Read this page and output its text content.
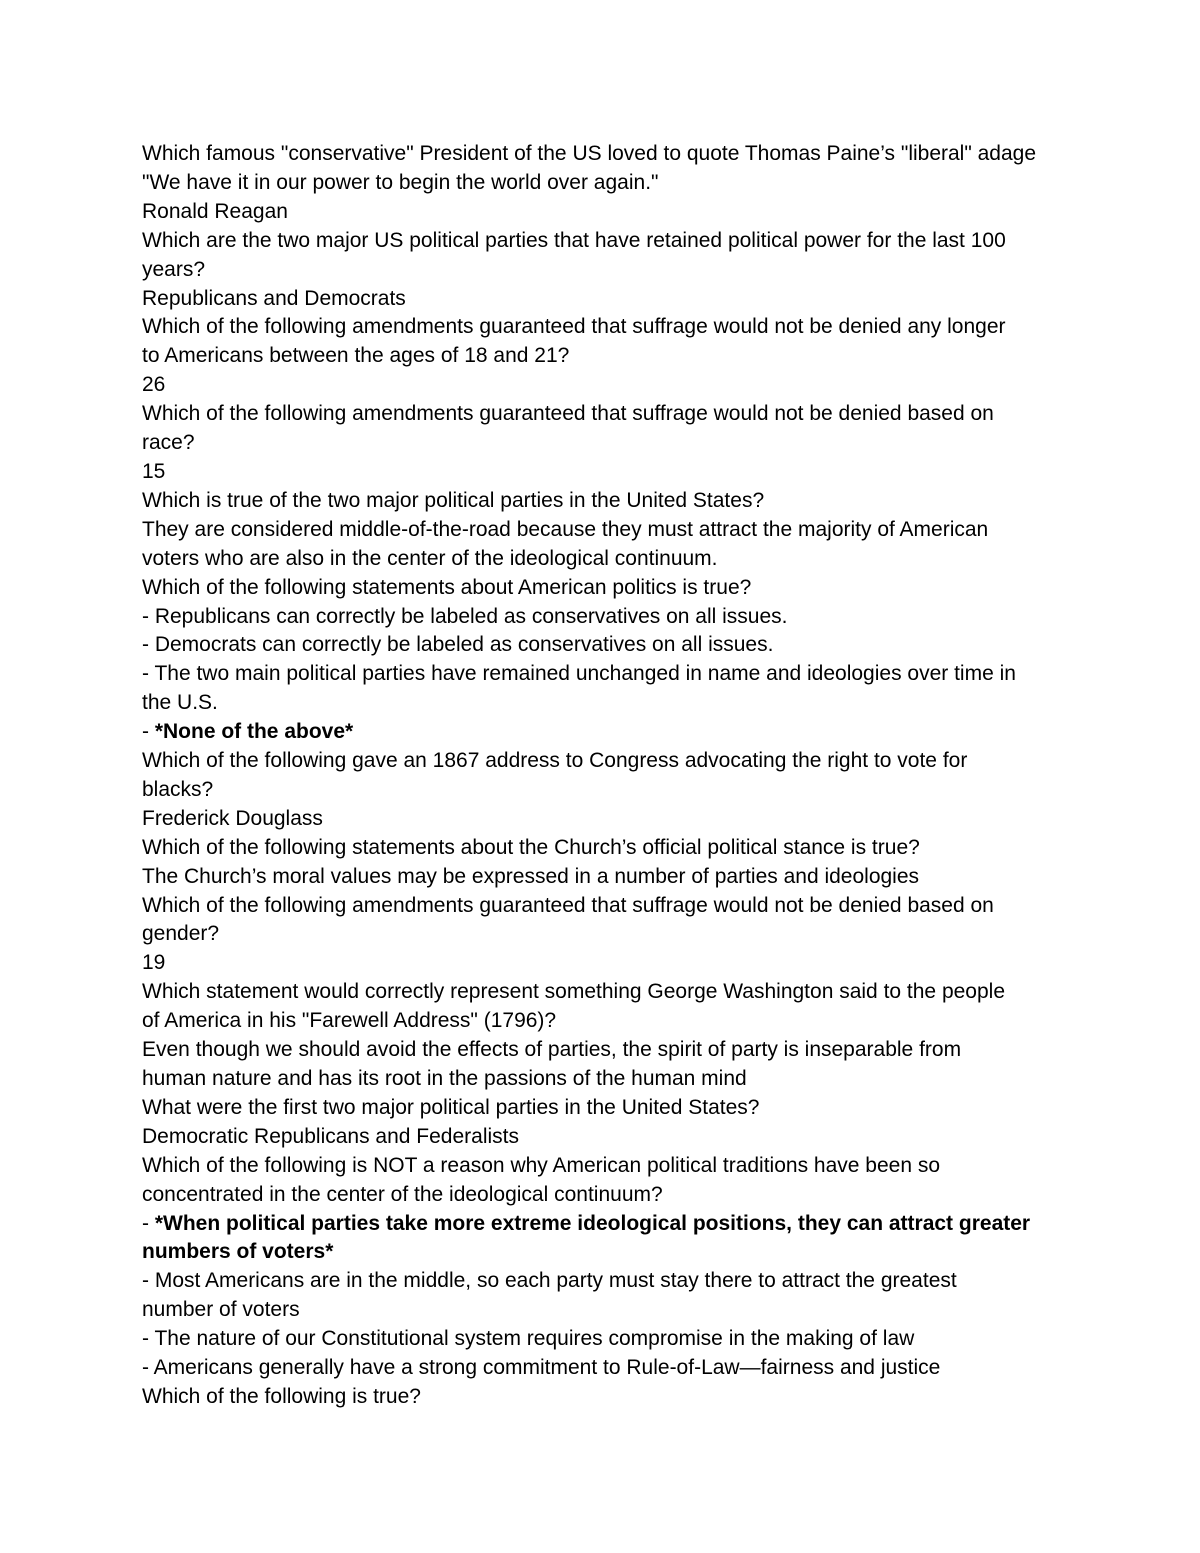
Which famous "conservative" President of the US loved to quote Thomas Paine’s "liberal" adage
"We have it in our power to begin the world over again."
Ronald Reagan
Which are the two major US political parties that have retained political power for the last 100
years?
Republicans and Democrats
Which of the following amendments guaranteed that suffrage would not be denied any longer
to Americans between the ages of 18 and 21?
26
Which of the following amendments guaranteed that suffrage would not be denied based on
race?
15
Which is true of the two major political parties in the United States?
They are considered middle-of-the-road because they must attract the majority of American
voters who are also in the center of the ideological continuum.
Which of the following statements about American politics is true?
- Republicans can correctly be labeled as conservatives on all issues.
- Democrats can correctly be labeled as conservatives on all issues.
- The two main political parties have remained unchanged in name and ideologies over time in
the U.S.
- *None of the above*
Which of the following gave an 1867 address to Congress advocating the right to vote for
blacks?
Frederick Douglass
Which of the following statements about the Church’s official political stance is true?
The Church’s moral values may be expressed in a number of parties and ideologies
Which of the following amendments guaranteed that suffrage would not be denied based on
gender?
19
Which statement would correctly represent something George Washington said to the people
of America in his "Farewell Address" (1796)?
Even though we should avoid the effects of parties, the spirit of party is inseparable from
human nature and has its root in the passions of the human mind
What were the first two major political parties in the United States?
Democratic Republicans and Federalists
Which of the following is NOT a reason why American political traditions have been so
concentrated in the center of the ideological continuum?
- *When political parties take more extreme ideological positions, they can attract greater
numbers of voters*
- Most Americans are in the middle, so each party must stay there to attract the greatest
number of voters
- The nature of our Constitutional system requires compromise in the making of law
- Americans generally have a strong commitment to Rule-of-Law—fairness and justice
Which of the following is true?
